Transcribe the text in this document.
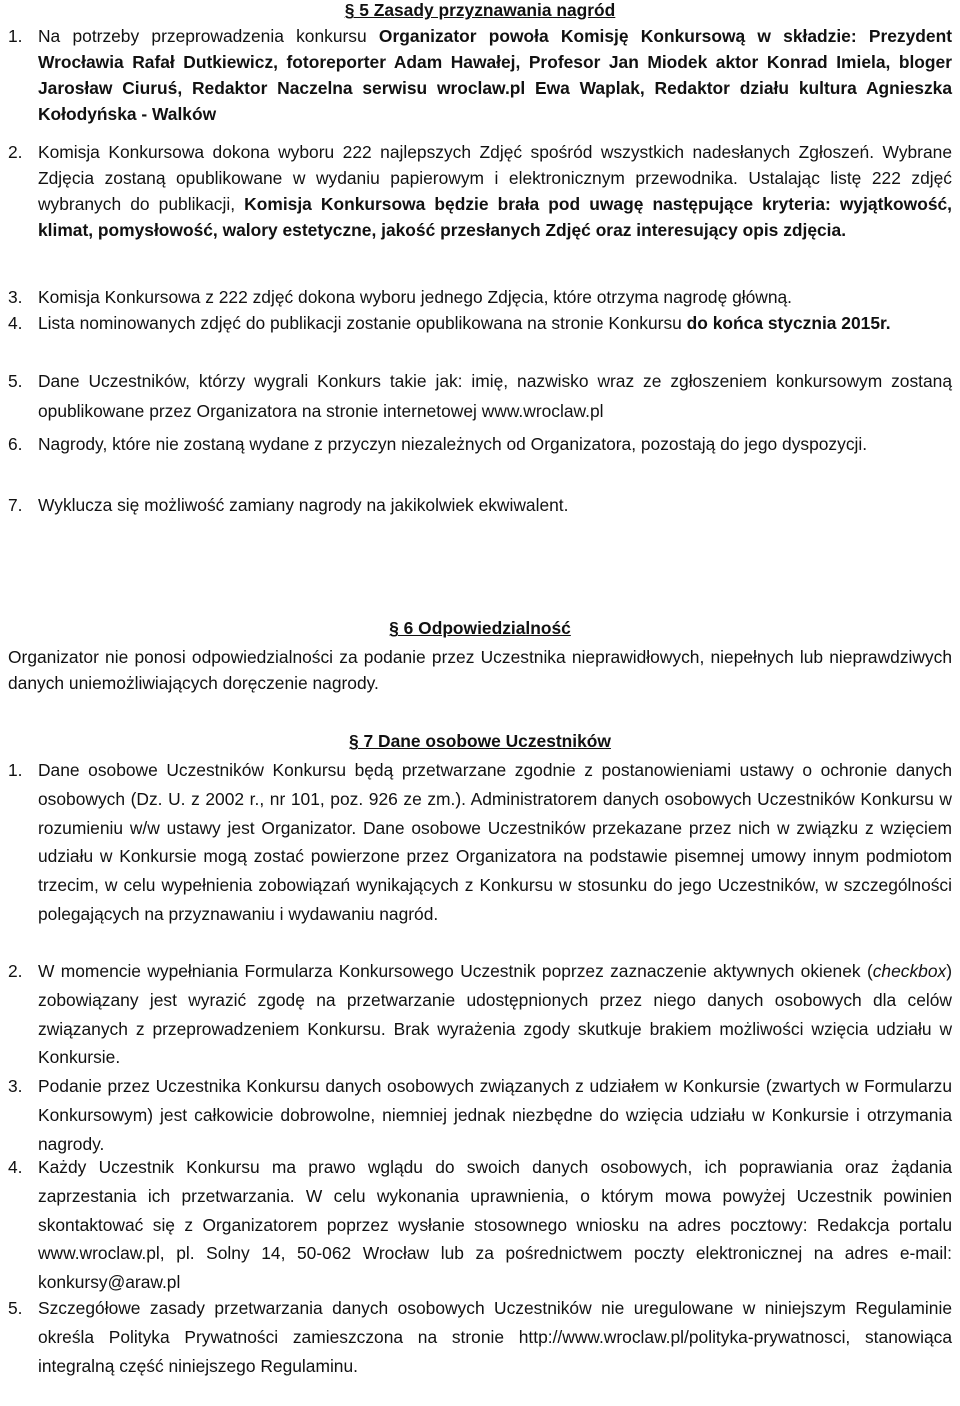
§ 5 Zasady przyznawania nagród
1. Na potrzeby przeprowadzenia konkursu Organizator powoła Komisję Konkursową w składzie: Prezydent Wrocławia Rafał Dutkiewicz, fotoreporter Adam Hawałej, Profesor Jan Miodek aktor Konrad Imiela, bloger Jarosław Ciuruś, Redaktor Naczelna serwisu wroclaw.pl Ewa Waplak, Redaktor działu kultura Agnieszka Kołodyńska - Walków
2. Komisja Konkursowa dokona wyboru 222 najlepszych Zdjęć spośród wszystkich nadesłanych Zgłoszeń. Wybrane Zdjęcia zostaną opublikowane w wydaniu papierowym i elektronicznym przewodnika. Ustalając listę 222 zdjęć wybranych do publikacji, Komisja Konkursowa będzie brała pod uwagę następujące kryteria: wyjątkowość, klimat, pomysłowość, walory estetyczne, jakość przesłanych Zdjęć oraz interesujący opis zdjęcia.
3. Komisja Konkursowa z 222 zdjęć dokona wyboru jednego Zdjęcia, które otrzyma nagrodę główną.
4. Lista nominowanych zdjęć do publikacji zostanie opublikowana na stronie Konkursu do końca stycznia 2015r.
5. Dane Uczestników, którzy wygrali Konkurs takie jak: imię, nazwisko wraz ze zgłoszeniem konkursowym zostaną opublikowane przez Organizatora na stronie internetowej www.wroclaw.pl
6. Nagrody, które nie zostaną wydane z przyczyn niezależnych od Organizatora, pozostają do jego dyspozycji.
7. Wyklucza się możliwość zamiany nagrody na jakikolwiek ekwiwalent.
§ 6 Odpowiedzialność
Organizator nie ponosi odpowiedzialności za podanie przez Uczestnika nieprawidłowych, niepełnych lub nieprawdziwych danych uniemożliwiających doręczenie nagrody.
§ 7 Dane osobowe Uczestników
1. Dane osobowe Uczestników Konkursu będą przetwarzane zgodnie z postanowieniami ustawy o ochronie danych osobowych (Dz. U. z 2002 r., nr 101, poz. 926 ze zm.). Administratorem danych osobowych Uczestników Konkursu w rozumieniu w/w ustawy jest Organizator. Dane osobowe Uczestników przekazane przez nich w związku z wzięciem udziału w Konkursie mogą zostać powierzone przez Organizatora na podstawie pisemnej umowy innym podmiotom trzecim, w celu wypełnienia zobowiązań wynikających z Konkursu w stosunku do jego Uczestników, w szczególności polegających na przyznawaniu i wydawaniu nagród.
2. W momencie wypełniania Formularza Konkursowego Uczestnik poprzez zaznaczenie aktywnych okienek (checkbox) zobowiązany jest wyrazić zgodę na przetwarzanie udostępnionych przez niego danych osobowych dla celów związanych z przeprowadzeniem Konkursu. Brak wyrażenia zgody skutkuje brakiem możliwości wzięcia udziału w Konkursie.
3. Podanie przez Uczestnika Konkursu danych osobowych związanych z udziałem w Konkursie (zwartych w Formularzu Konkursowym) jest całkowicie dobrowolne, niemniej jednak niezbędne do wzięcia udziału w Konkursie i otrzymania nagrody.
4. Każdy Uczestnik Konkursu ma prawo wglądu do swoich danych osobowych, ich poprawiania oraz żądania zaprzestania ich przetwarzania. W celu wykonania uprawnienia, o którym mowa powyżej Uczestnik powinien skontaktować się z Organizatorem poprzez wysłanie stosownego wniosku na adres pocztowy: Redakcja portalu www.wroclaw.pl, pl. Solny 14, 50-062 Wrocław lub za pośrednictwem poczty elektronicznej na adres e-mail: konkursy@araw.pl
5. Szczegółowe zasady przetwarzania danych osobowych Uczestników nie uregulowane w niniejszym Regulaminie określa Polityka Prywatności zamieszczona na stronie http://www.wroclaw.pl/polityka-prywatnosci, stanowiąca integralną część niniejszego Regulaminu.
